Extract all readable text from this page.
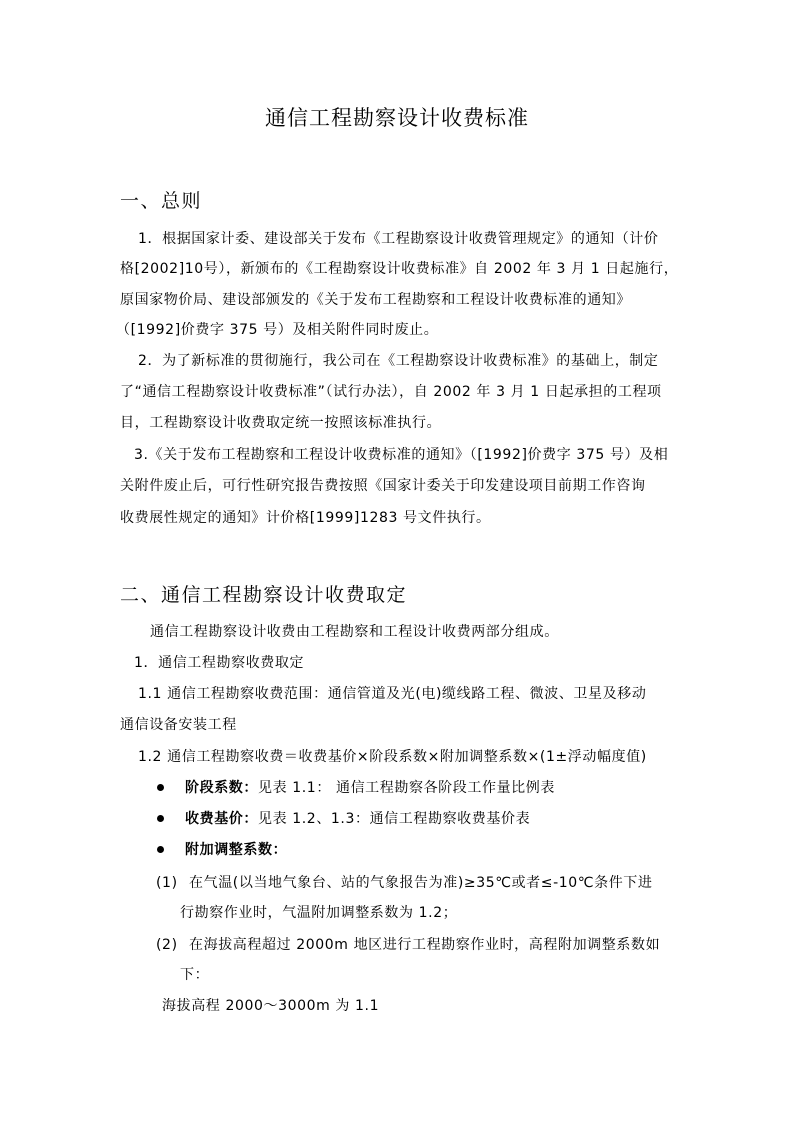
通信工程勘察设计收费标准
一、总则
1．根据国家计委、建设部关于发布《工程勘察设计收费管理规定》的通知（计价
格[2002]10号），新颁布的《工程勘察设计收费标准》自 2002 年 3 月 1 日起施行，
原国家物价局、建设部颁发的《关于发布工程勘察和工程设计收费标准的通知》
（[1992]价费字 375 号）及相关附件同时废止。
2．为了新标准的贯彻施行，我公司在《工程勘察设计收费标准》的基础上，制定
了“通信工程勘察设计收费标准”（试行办法），自 2002 年 3 月 1 日起承担的工程项
目，工程勘察设计收费取定统一按照该标准执行。
3.《关于发布工程勘察和工程设计收费标准的通知》（[1992]价费字 375 号）及相
关附件废止后，可行性研究报告费按照《国家计委关于印发建设项目前期工作咨询
收费展性规定的通知》计价格[1999]1283 号文件执行。
二、通信工程勘察设计收费取定
通信工程勘察设计收费由工程勘察和工程设计收费两部分组成。
1．通信工程勘察收费取定
1.1 通信工程勘察收费范围：通信管道及光(电)缆线路工程、微波、卫星及移动
通信设备安装工程
1.2 通信工程勘察收费＝收费基价×阶段系数×附加调整系数×(1±浮动幅度值)
阶段系数：见表 1.1： 通信工程勘察各阶段工作量比例表
收费基价：见表 1.2、1.3：通信工程勘察收费基价表
附加调整系数：
(1) 在气温(以当地气象台、站的气象报告为准)≥35℃或者≤-10℃条件下进
行勘察作业时，气温附加调整系数为 1.2；
(2) 在海拔高程超过 2000m 地区进行工程勘察作业时，高程附加调整系数如
下：
海拔高程 2000～3000m 为 1.1
